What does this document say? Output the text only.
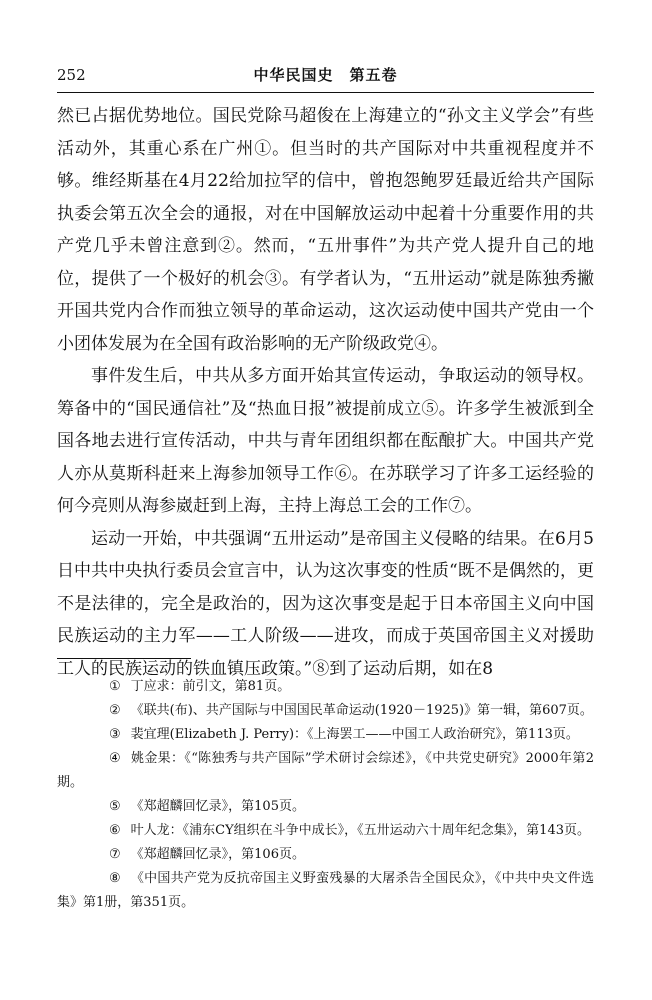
252	中华民国史　第五卷

然已占据优势地位。国民党除马超俊在上海建立的“孙文主义学会”有些活动外，其重心系在广州①。但当时的共产国际对中共重视程度并不够。维经斯基在4月22给加拉罕的信中，曾抱怨鲍罗廷最近给共产国际执委会第五次全会的通报，对在中国解放运动中起着十分重要作用的共产党几乎未曾注意到②。然而，“五卅事件”为共产党人提升自己的地位，提供了一个极好的机会③。有学者认为，“五卅运动”就是陈独秀撇开国共党内合作而独立领导的革命运动，这次运动使中国共产党由一个小团体发展为在全国有政治影响的无产阶级政党④。

事件发生后，中共从多方面开始其宣传运动，争取运动的领导权。筹备中的“国民通信社”及“热血日报”被提前成立⑤。许多学生被派到全国各地去进行宣传活动，中共与青年团组织都在酝酿扩大。中国共产党人亦从莫斯科赶来上海参加领导工作⑥。在苏联学习了许多工运经验的何今亮则从海参崴赶到上海，主持上海总工会的工作⑦。

运动一开始，中共强调“五卅运动”是帝国主义侵略的结果。在6月5日中共中央执行委员会宣言中，认为这次事变的性质“既不是偶然的，更不是法律的，完全是政治的，因为这次事变是起于日本帝国主义向中国民族运动的主力军——工人阶级——进攻，而成于英国帝国主义对援助工人的民族运动的铁血镇压政策。”⑧到了运动后期，如在8

① 丁应求：前引文，第81页。

② 《联共(布)、共产国际与中国国民革命运动(1920－1925)》第一辑，第607页。

③ 裴宜理(Elizabeth J. Perry)：《上海罢工——中国工人政治研究》，第113页。

④ 姚金果：《“陈独秀与共产国际”学术研讨会综述》，《中共党史研究》2000年第2期。

⑤ 《郑超麟回忆录》，第105页。

⑥ 叶人龙：《浦东CY组织在斗争中成长》，《五卅运动六十周年纪念集》，第143页。

⑦ 《郑超麟回忆录》，第106页。

⑧ 《中国共产党为反抗帝国主义野蛮残暴的大屠杀告全国民众》，《中共中央文件选集》第1册，第351页。
